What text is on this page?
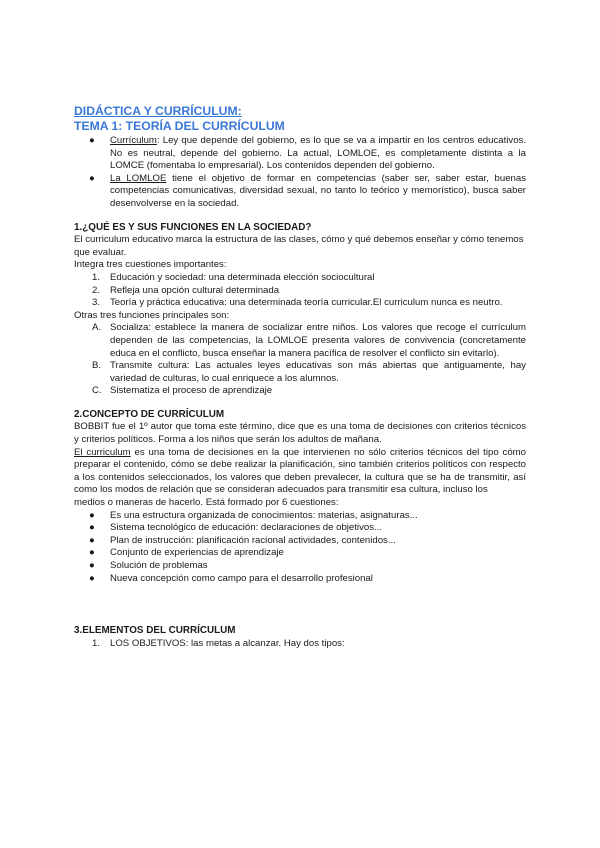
DIDÁCTICA Y CURRÍCULUM:
TEMA 1: TEORÍA DEL CURRÍCULUM
● Currículum: Ley que depende del gobierno, es lo que se va a impartir en los centros educativos. No es neutral, depende del gobierno. La actual, LOMLOE, es completamente distinta a la LOMCE (fomentaba lo empresarial). Los contenidos dependen del gobierno.
● La LOMLOE tiene el objetivo de formar en competencias (saber ser, saber estar, buenas competencias comunicativas, diversidad sexual, no tanto lo teórico y memorístico), busca saber desenvolverse en la sociedad.

1.¿QUÉ ES Y SUS FUNCIONES EN LA SOCIEDAD?

El curriculum educativo marca la estructura de las clases, cómo y qué debemos enseñar y cómo tenemos que evaluar.

Integra tres cuestiones importantes:

1. Educación y sociedad: una determinada elección sociocultural
2. Refleja una opción cultural determinada
3. Teoría y práctica educativa: una determinada teoría curricular.El curriculum nunca es neutro.

Otras tres funciones principales son:

A. Socializa: establece la manera de socializar entre niños. Los valores que recoge el currículum dependen de las competencias, la LOMLOE presenta valores de convivencia (concretamente educa en el conflicto, busca enseñar la manera pacífica de resolver el conflicto sin evitarlo).
B. Transmite cultura: Las actuales leyes educativas son más abiertas que antiguamente, hay variedad de culturas, lo cual enriquece a los alumnos.
C. Sistematiza el proceso de aprendizaje

2.CONCEPTO DE CURRÍCULUM

BOBBIT fue el 1º autor que toma este término, dice que es una toma de decisiones con criterios técnicos y criterios políticos. Forma a los niños que serán los adultos de mañana.

El curriculum es una toma de decisiones en la que intervienen no sólo criterios técnicos del tipo cómo preparar el contenido, cómo se debe realizar la planificación, sino también criterios políticos con respecto a los contenidos seleccionados, los valores que deben prevalecer, la cultura que se ha de transmitir, así como los modos de relación que se consideran adecuados para transmitir esa cultura, incluso los

medios o maneras de hacerlo. Está formado por 6 cuestiones:

● Es una estructura organizada de conocimientos: materias, asignaturas...
● Sistema tecnológico de educación: declaraciones de objetivos...
● Plan de instrucción: planificación racional actividades, contenidos...
● Conjunto de experiencias de aprendizaje
● Solución de problemas
● Nueva concepción como campo para el desarrollo profesional

3.ELEMENTOS DEL CURRÍCULUM

1. LOS OBJETIVOS: las metas a alcanzar. Hay dos tipos:
